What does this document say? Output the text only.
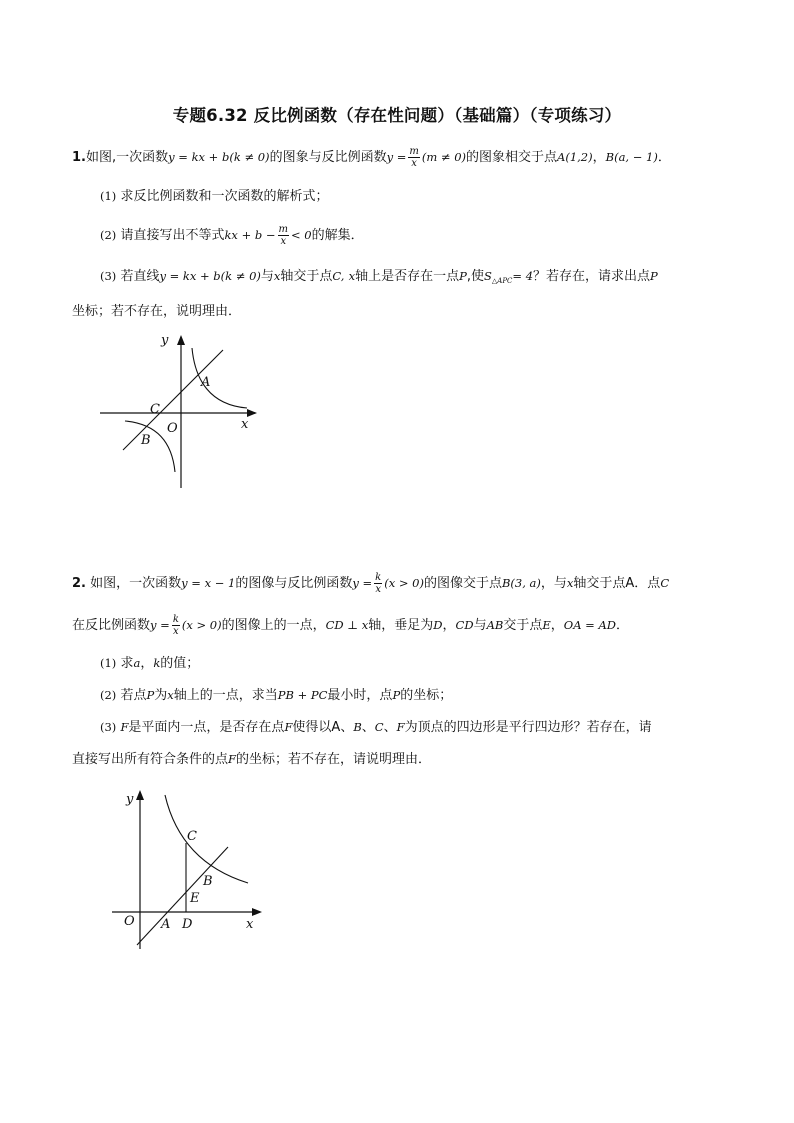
专题6.32 反比例函数（存在性问题）（基础篇）（专项练习）
1.如图,一次函数y = kx + b(k ≠ 0)的图象与反比例函数$y = \frac{m}{x} (m \ne 0)$的图象相交于点A(1,2)，B(a, − 1)．
(1) 求反比例函数和一次函数的解析式；
(2) 请直接写出不等式kx + $b - \frac{m}{x} < 0$的解集．
(3) 若直线y = kx + b(k ≠ 0)与x轴交于点C, x轴上是否存在一点P,使$S_{\triangle APC}= 4$？若存在，请求出点P
坐标；若不存在，说明理由．
y
x
A
C
O
B
2. 如图，一次函数y = x − 1的图像与反比例函数$y = \frac{k}{x} (x > 0)$的图像交于点B(3, a)，与x轴交于点A．点C
在反比例函数$y = \frac{k}{x} (x > 0)$的图像上的一点，CD ⊥ x轴，垂足为D，CD与AB交于点E，OA = AD．
(1) 求a，k的值；
(2) 若点P为x轴上的一点，求当PB + PC最小时，点P的坐标；
(3) F是平面内一点，是否存在点F使得以A、B、C、F为顶点的四边形是平行四边形？若存在，请
直接写出所有符合条件的点F的坐标；若不存在，请说明理由．
y
x
O A D
C
B
E
